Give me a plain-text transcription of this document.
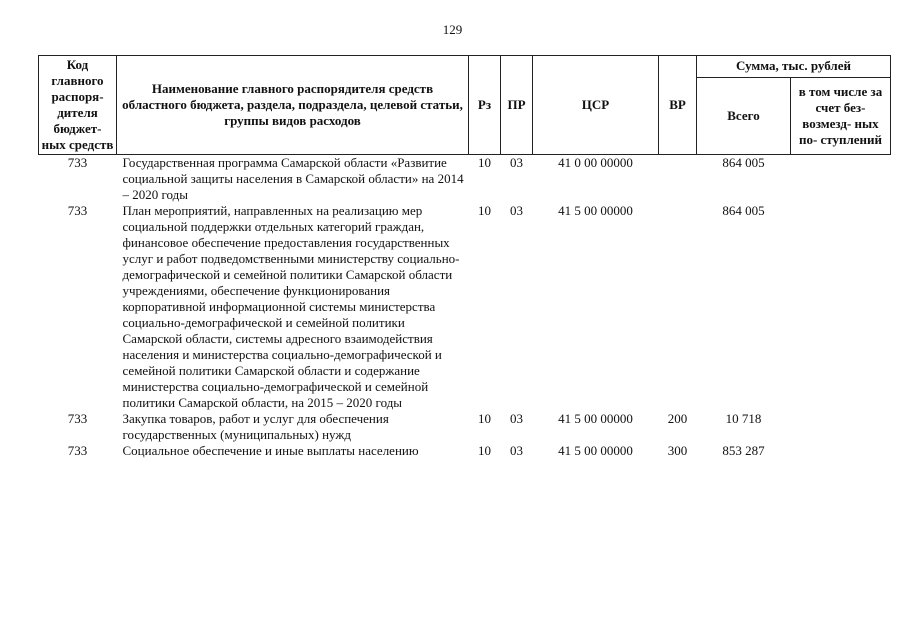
129
Код главного распоря- дителя бюджет- ных средств	Наименование главного распорядителя средств областного бюджета, раздела, подраздела, целевой статьи, группы видов расходов	Рз	ПР	ЦСР	ВР	Сумма, тыс. рублей	
						Всего	в том числе за счет без- возмезд- ных по- ступлений
733	Государственная программа Самарской области «Развитие социальной защиты населения в Самарской области» на 2014 – 2020 годы	10	03	41 0 00 00000		864 005	
733	План мероприятий, направленных на реализацию мер социальной поддержки отдельных категорий граждан, финансовое обеспечение предоставления государственных услуг и работ подведомственными министерству социально-демографической и семейной политики Самарской области учреждениями, обеспечение функционирования корпоративной информационной системы министерства социально-демографической и семейной политики Самарской области, системы адресного взаимодействия населения и министерства социально-демографической и семейной политики Самарской области и содержание министерства социально-демографической и семейной политики Самарской области, на 2015 – 2020 годы	10	03	41 5 00 00000		864 005	
733	Закупка товаров, работ и услуг для обеспечения государственных (муниципальных) нужд	10	03	41 5 00 00000	200	10 718	
733	Социальное обеспечение и иные выплаты населению	10	03	41 5 00 00000	300	853 287	
